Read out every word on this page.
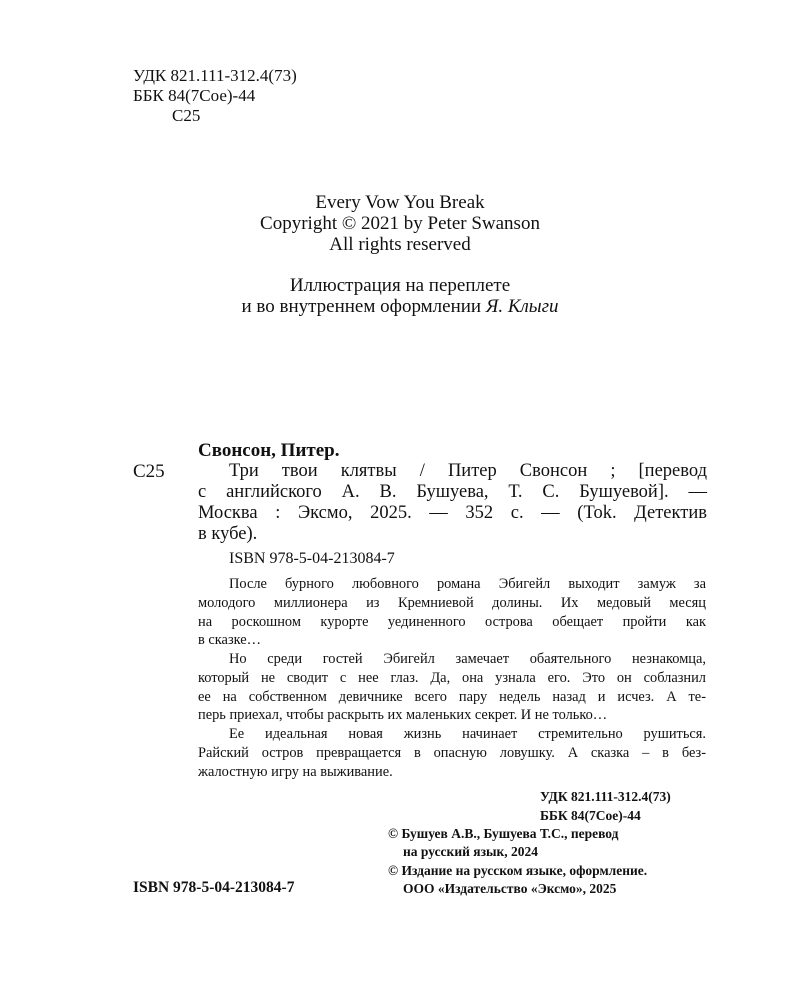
УДК 821.111-312.4(73)
ББК 84(7Сое)-44
С25
Every Vow You Break
Copyright © 2021 by Peter Swanson
All rights reserved
Иллюстрация на переплете
и во внутреннем оформлении Я. Клыги
Свонсон, Питер.
С25	Три твои клятвы / Питер Свонсон ; [перевод
с английского А. В. Бушуева, Т. С. Бушуевой]. —
Москва : Эксмо, 2025. — 352 с. — (Tok. Детектив
в кубе).
ISBN 978-5-04-213084-7
После бурного любовного романа Эбигейл выходит замуж за
молодого миллионера из Кремниевой долины. Их медовый месяц
на роскошном курорте уединенного острова обещает пройти как
в сказке…
Но среди гостей Эбигейл замечает обаятельного незнакомца,
который не сводит с нее глаз. Да, она узнала его. Это он соблазнил
ее на собственном девичнике всего пару недель назад и исчез. А те-
перь приехал, чтобы раскрыть их маленьких секрет. И не только…
Ее идеальная новая жизнь начинает стремительно рушиться.
Райский остров превращается в опасную ловушку. А сказка – в без-
жалостную игру на выживание.
УДК 821.111-312.4(73)
ББК 84(7Сое)-44
© Бушуев А.В., Бушуева Т.С., перевод
на русский язык, 2024
© Издание на русском языке, оформление.
ООО «Издательство «Эксмо», 2025
ISBN 978-5-04-213084-7
